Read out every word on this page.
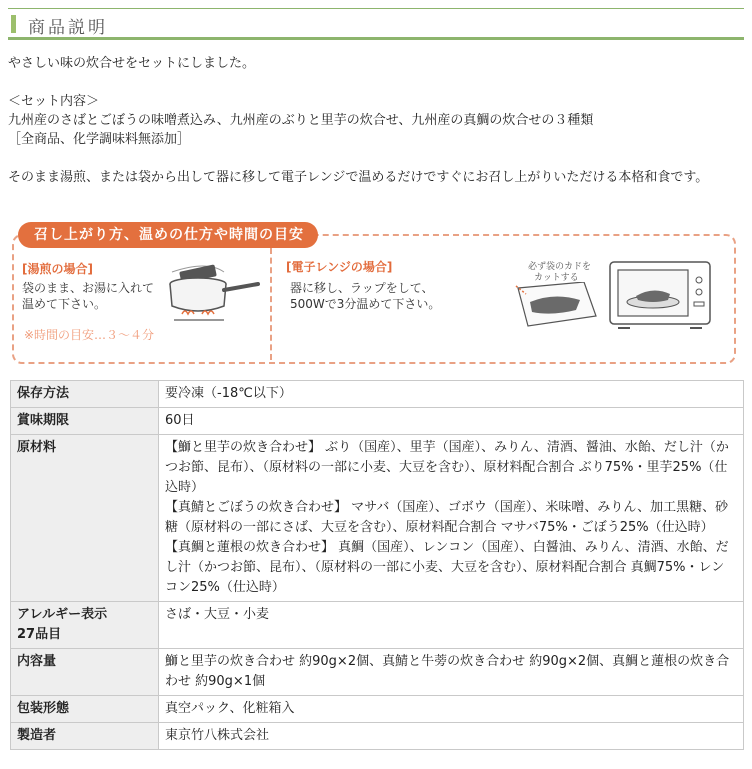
商品説明

やさしい味の炊合せをセットにしました。

＜セット内容＞

九州産のさばとごぼうの味噌煮込み、九州産のぶりと里芋の炊合せ、九州産の真鯛の炊合せの３種類

［全商品、化学調味料無添加］

そのまま湯煎、または袋から出して器に移して電子レンジで温めるだけですぐにお召し上がりいただける本格和食です。

召し上がり方、温めの仕方や時間の目安
[湯煎の場合]
袋のまま、お湯に入れて
温めて下さい。
※時間の目安…３～４分
[電子レンジの場合]
器に移し、ラップをして、
500Wで3分温めて下さい。
必ず袋のカドを
カットする
保存方法	要冷凍（-18℃以下）
賞味期限	60日
原材料	【鰤と里芋の炊き合わせ】 ぶり（国産）、里芋（国産）、みりん、清酒、醤油、水飴、だし汁（かつお節、昆布）、（原材料の一部に小麦、大豆を含む）、原材料配合割合 ぶり75%・里芋25%（仕込時）
【真鯖とごぼうの炊き合わせ】 マサバ（国産）、ゴボウ（国産）、米味噌、みりん、加工黒糖、砂糖（原材料の一部にさば、大豆を含む）、原材料配合割合 マサバ75%・ごぼう25%（仕込時）
【真鯛と蓮根の炊き合わせ】 真鯛（国産）、レンコン（国産）、白醤油、みりん、清酒、水飴、だし汁（かつお節、昆布）、（原材料の一部に小麦、大豆を含む）、原材料配合割合 真鯛75%・レンコン25%（仕込時）

アレルギー表示
27品目	さば・大豆・小麦
内容量	鰤と里芋の炊き合わせ 約90g×2個、真鯖と牛蒡の炊き合わせ 約90g×2個、真鯛と蓮根の炊き合わせ 約90g×1個
包装形態	真空パック、化粧箱入
製造者	東京竹八株式会社
